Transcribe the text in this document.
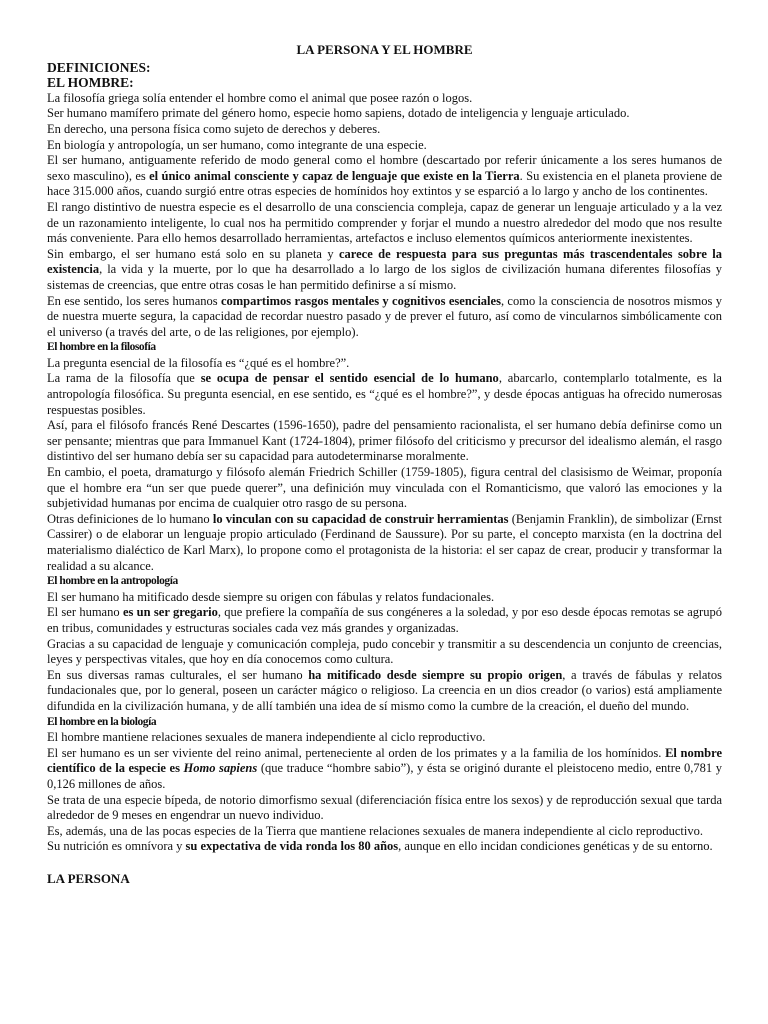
LA PERSONA Y EL HOMBRE
DEFINICIONES:
EL HOMBRE:

La filosofía griega solía entender el hombre como el animal que posee razón o logos.

Ser humano mamífero primate del género homo, especie homo sapiens, dotado de inteligencia y lenguaje articulado.

En derecho, una persona física como sujeto de derechos y deberes.

En biología y antropología, un ser humano, como integrante de una especie.

El ser humano, antiguamente referido de modo general como el hombre (descartado por referir únicamente a los seres humanos de sexo masculino), es el único animal consciente y capaz de lenguaje que existe en la Tierra. Su existencia en el planeta proviene de hace 315.000 años, cuando surgió entre otras especies de homínidos hoy extintos y se esparció a lo largo y ancho de los continentes.

El rango distintivo de nuestra especie es el desarrollo de una consciencia compleja, capaz de generar un lenguaje articulado y a la vez de un razonamiento inteligente, lo cual nos ha permitido comprender y forjar el mundo a nuestro alrededor del modo que nos resulte más conveniente. Para ello hemos desarrollado herramientas, artefactos e incluso elementos químicos anteriormente inexistentes.

Sin embargo, el ser humano está solo en su planeta y carece de respuesta para sus preguntas más trascendentales sobre la existencia, la vida y la muerte, por lo que ha desarrollado a lo largo de los siglos de civilización humana diferentes filosofías y sistemas de creencias, que entre otras cosas le han permitido definirse a sí mismo.

En ese sentido, los seres humanos compartimos rasgos mentales y cognitivos esenciales, como la consciencia de nosotros mismos y de nuestra muerte segura, la capacidad de recordar nuestro pasado y de prever el futuro, así como de vincularnos simbólicamente con el universo (a través del arte, o de las religiones, por ejemplo).

El hombre en la filosofía

La pregunta esencial de la filosofía es “¿qué es el hombre?”.

La rama de la filosofía que se ocupa de pensar el sentido esencial de lo humano, abarcarlo, contemplarlo totalmente, es la antropología filosófica. Su pregunta esencial, en ese sentido, es “¿qué es el hombre?”, y desde épocas antiguas ha ofrecido numerosas respuestas posibles.

Así, para el filósofo francés René Descartes (1596-1650), padre del pensamiento racionalista, el ser humano debía definirse como un ser pensante; mientras que para Immanuel Kant (1724-1804), primer filósofo del criticismo y precursor del idealismo alemán, el rasgo distintivo del ser humano debía ser su capacidad para autodeterminarse moralmente.

En cambio, el poeta, dramaturgo y filósofo alemán Friedrich Schiller (1759-1805), figura central del clasisismo de Weimar, proponía que el hombre era “un ser que puede querer”, una definición muy vinculada con el Romanticismo, que valoró las emociones y la subjetividad humanas por encima de cualquier otro rasgo de su persona.

Otras definiciones de lo humano lo vinculan con su capacidad de construir herramientas (Benjamin Franklin), de simbolizar (Ernst Cassirer) o de elaborar un lenguaje propio articulado (Ferdinand de Saussure). Por su parte, el concepto marxista (en la doctrina del materialismo dialéctico de Karl Marx), lo propone como el protagonista de la historia: el ser capaz de crear, producir y transformar la realidad a su alcance.

El hombre en la antropología

El ser humano ha mitificado desde siempre su origen con fábulas y relatos fundacionales.

El ser humano es un ser gregario, que prefiere la compañía de sus congéneres a la soledad, y por eso desde épocas remotas se agrupó en tribus, comunidades y estructuras sociales cada vez más grandes y organizadas.

Gracias a su capacidad de lenguaje y comunicación compleja, pudo concebir y transmitir a su descendencia un conjunto de creencias, leyes y perspectivas vitales, que hoy en día conocemos como cultura.

En sus diversas ramas culturales, el ser humano ha mitificado desde siempre su propio origen, a través de fábulas y relatos fundacionales que, por lo general, poseen un carácter mágico o religioso. La creencia en un dios creador (o varios) está ampliamente difundida en la civilización humana, y de allí también una idea de sí mismo como la cumbre de la creación, el dueño del mundo.

El hombre en la biología

El hombre mantiene relaciones sexuales de manera independiente al ciclo reproductivo.

El ser humano es un ser viviente del reino animal, perteneciente al orden de los primates y a la familia de los homínidos. El nombre científico de la especie es Homo sapiens (que traduce “hombre sabio”), y ésta se originó durante el pleistoceno medio, entre 0,781 y 0,126 millones de años.

Se trata de una especie bípeda, de notorio dimorfismo sexual (diferenciación física entre los sexos) y de reproducción sexual que tarda alrededor de 9 meses en engendrar un nuevo individuo.

Es, además, una de las pocas especies de la Tierra que mantiene relaciones sexuales de manera independiente al ciclo reproductivo.

Su nutrición es omnívora y su expectativa de vida ronda los 80 años, aunque en ello incidan condiciones genéticas y de su entorno.

LA PERSONA
